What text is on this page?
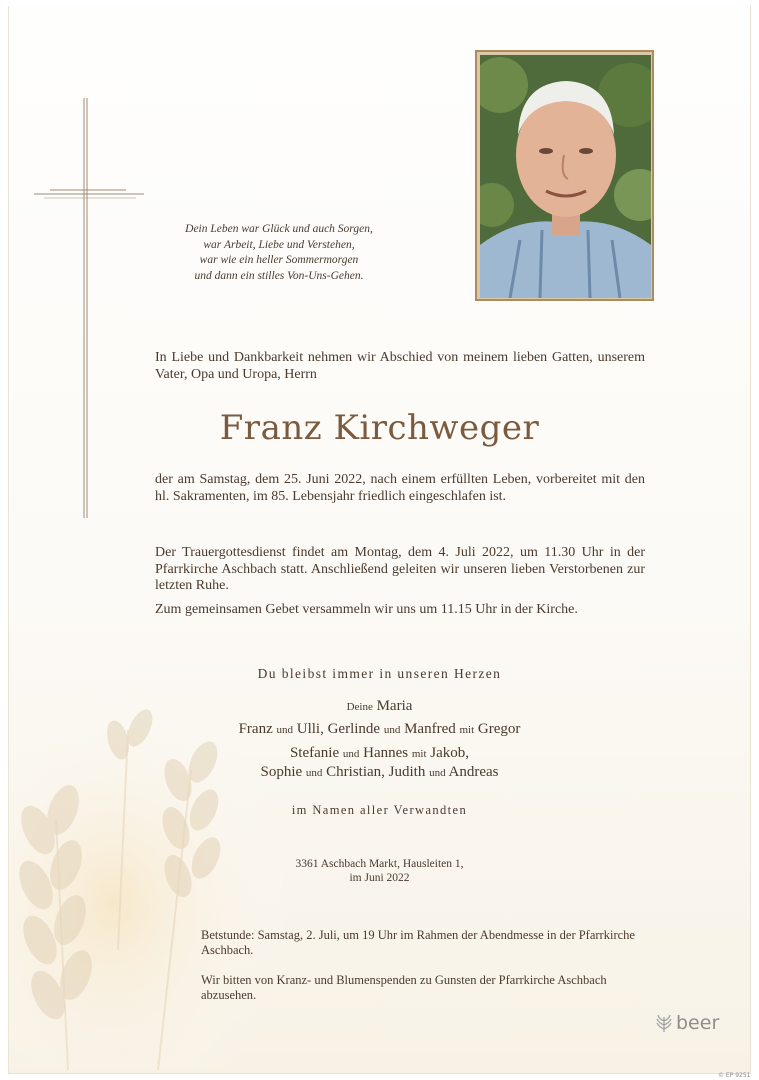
Dein Leben war Glück und auch Sorgen,
war Arbeit, Liebe und Verstehen,
war wie ein heller Sommermorgen
und dann ein stilles Von-Uns-Gehen.
In Liebe und Dankbarkeit nehmen wir Abschied von meinem lieben Gatten, unserem Vater, Opa und Uropa, Herrn
Franz Kirchweger
der am Samstag, dem 25. Juni 2022, nach einem erfüllten Leben, vorbereitet mit den hl. Sakramenten, im 85. Lebensjahr friedlich eingeschlafen ist.
Der Trauergottesdienst findet am Montag, dem 4. Juli 2022, um 11.30 Uhr in der Pfarrkirche Aschbach statt. Anschließend geleiten wir unseren lieben Verstorbenen zur letzten Ruhe.
Zum gemeinsamen Gebet versammeln wir uns um 11.15 Uhr in der Kirche.
Du bleibst immer in unseren Herzen
Deine Maria
Franz und Ulli, Gerlinde und Manfred mit Gregor
Stefanie und Hannes mit Jakob,
Sophie und Christian, Judith und Andreas
im Namen aller Verwandten
3361 Aschbach Markt, Hausleiten 1,
im Juni 2022
Betstunde: Samstag, 2. Juli, um 19 Uhr im Rahmen der Abendmesse in der Pfarrkirche Aschbach.
Wir bitten von Kranz- und Blumenspenden zu Gunsten der Pfarrkirche Aschbach abzusehen.
beer
© EP 9251
